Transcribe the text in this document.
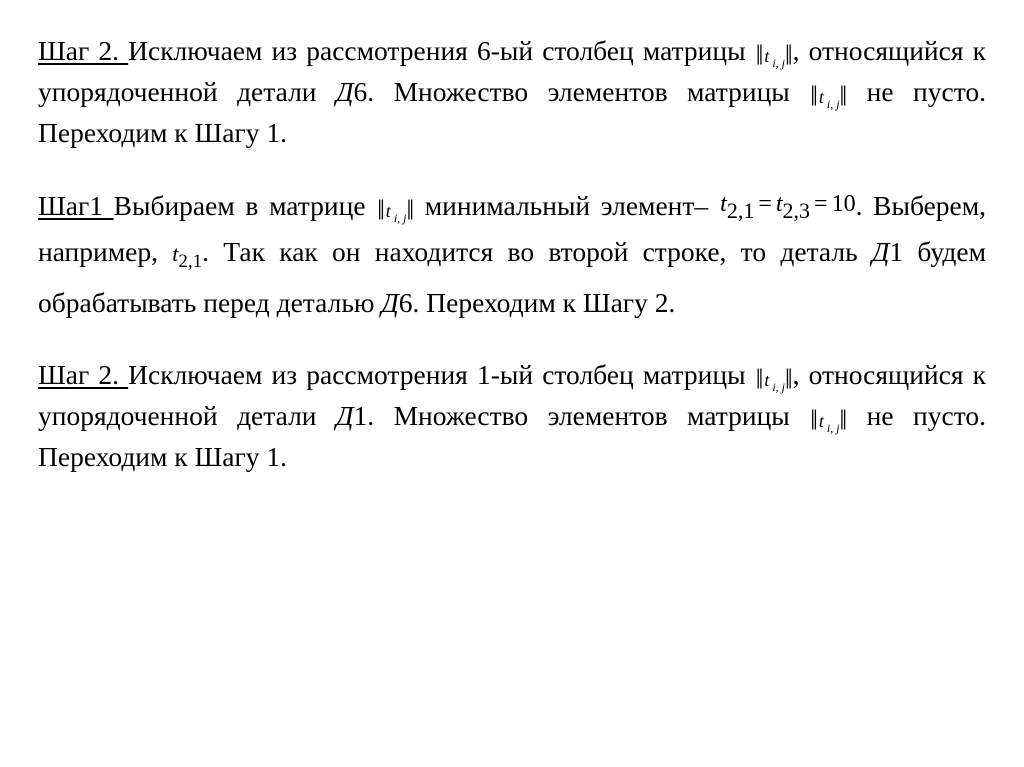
Шаг 2. Исключаем из рассмотрения 6-ый столбец матрицы ‖ t $_{i, j}$‖, относящийся к упорядоченной детали Д6. Множество элементов матрицы ‖ t $_{i, j}$‖ не пусто. Переходим к Шагу 1.

Шаг1 Выбираем в матрице ‖ t $_{i, j}$‖ минимальный элемент– t2,1 = t2,3 = 10. Выберем, например, t2,1. Так как он находится во второй строке, то деталь Д1 будем обрабатывать перед деталью Д6. Переходим к Шагу 2.

Шаг 2. Исключаем из рассмотрения 1-ый столбец матрицы ‖ t $_{i, j}$‖, относящийся к упорядоченной детали Д1. Множество элементов матрицы ‖ t $_{i, j}$‖ не пусто. Переходим к Шагу 1.
